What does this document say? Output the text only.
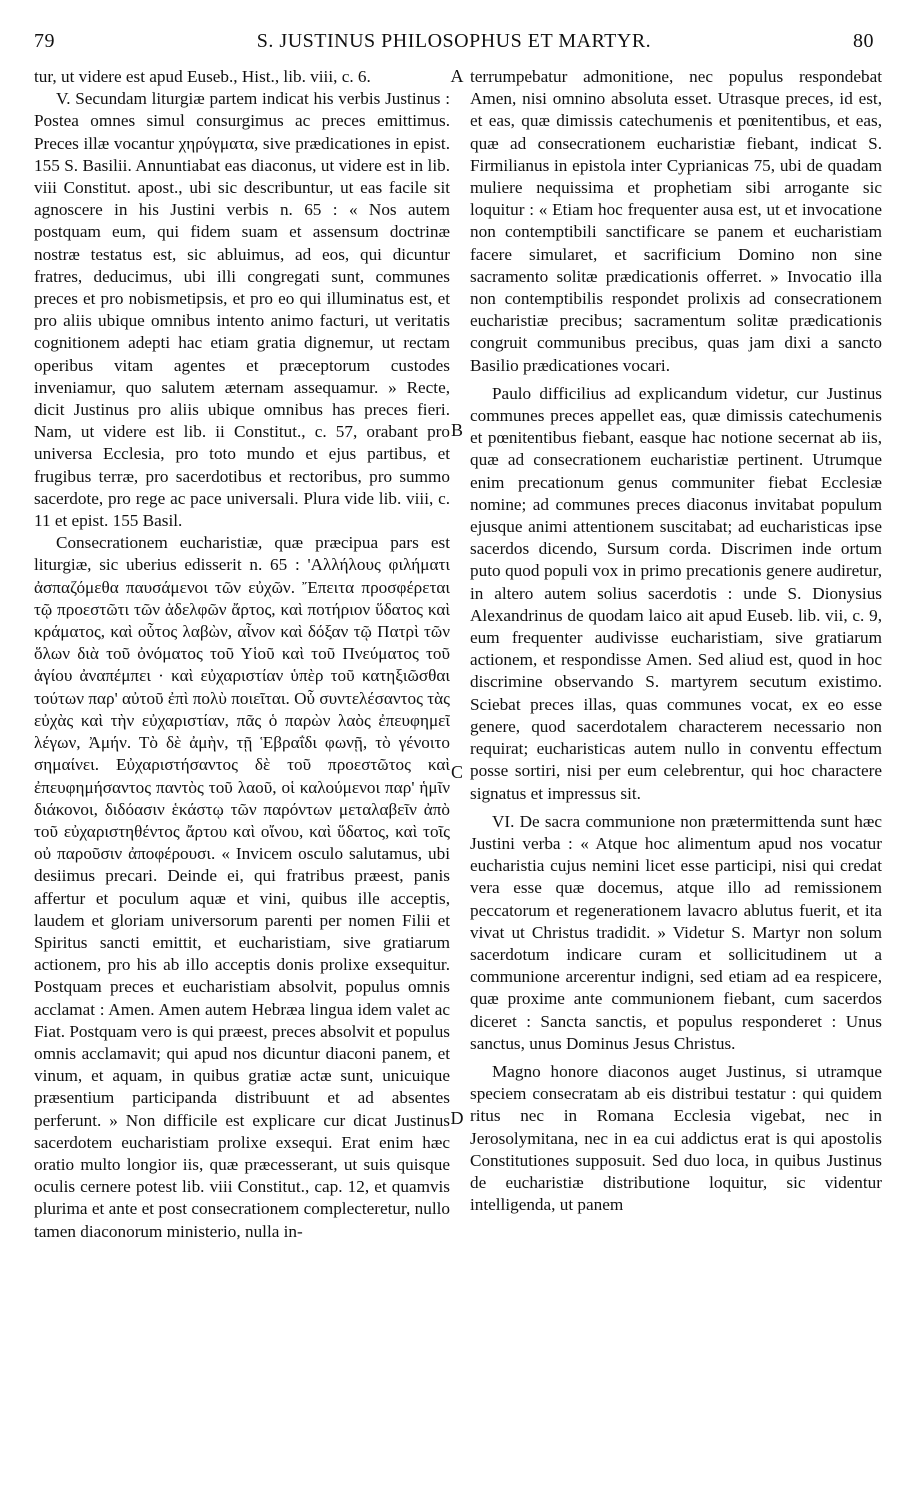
79	S. JUSTINUS PHILOSOPHUS ET MARTYR.	80

tur, ut videre est apud Euseb., Hist., lib. viii, c. 6.

V. Secundam liturgiæ partem indicat his verbis Justinus : Postea omnes simul consurgimus ac preces emittimus. Preces illæ vocantur χηρύγματα, sive prædicationes in epist. 155 S. Basilii. Annuntiabat eas diaconus, ut videre est in lib. viii Constitut. apost., ubi sic describuntur, ut eas facile sit agnoscere in his Justini verbis n. 65 : « Nos autem postquam eum, qui fidem suam et assensum doctrinæ nostræ testatus est, sic abluimus, ad eos, qui dicuntur fratres, deducimus, ubi illi congregati sunt, communes preces et pro nobismetipsis, et pro eo qui illuminatus est, et pro aliis ubique omnibus intento animo facturi, ut veritatis cognitionem adepti hac etiam gratia dignemur, ut rectam operibus vitam agentes et præceptorum custodes inveniamur, quo salutem æternam assequamur. » Recte, dicit Justinus pro aliis ubique omnibus has preces fieri. Nam, ut videre est lib. ii Constitut., c. 57, orabant pro universa Ecclesia, pro toto mundo et ejus partibus, et frugibus terræ, pro sacerdotibus et rectoribus, pro summo sacerdote, pro rege ac pace universali. Plura vide lib. viii, c. 11 et epist. 155 Basil.

Consecrationem eucharistiæ, quæ præcipua pars est liturgiæ, sic uberius edisserit n. 65 : 'Αλλήλους φιλήματι ἀσπαζόμεθα παυσάμενοι τῶν εὐχῶν. Ἔπειτα προσφέρεται τῷ προεστῶτι τῶν ἀδελφῶν ἄρτος, καὶ ποτήριον ὕδατος καὶ κράματος, καὶ οὗτος λαβὼν, αἶνον καὶ δόξαν τῷ Πατρὶ τῶν ὅλων διὰ τοῦ ὀνόματος τοῦ Υἱοῦ καὶ τοῦ Πνεύματος τοῦ ἁγίου ἀναπέμπει · καὶ εὐχαριστίαν ὑπὲρ τοῦ κατηξιῶσθαι τούτων παρ' αὐτοῦ ἐπὶ πολὺ ποιεῖται. Οὗ συντελέσαντος τὰς εὐχὰς καὶ τὴν εὐχαριστίαν, πᾶς ὁ παρὼν λαὸς ἐπευφημεῖ λέγων, Ἀμήν. Τὸ δὲ ἀμὴν, τῇ Ἑβραΐδι φωνῇ, τὸ γένοιτο σημαίνει. Εὐχαριστήσαντος δὲ τοῦ προεστῶτος καὶ ἐπευφημήσαντος παντὸς τοῦ λαοῦ, οἱ καλούμενοι παρ' ἡμῖν διάκονοι, διδόασιν ἑκάστῳ τῶν παρόντων μεταλαβεῖν ἀπὸ τοῦ εὐχαριστηθέντος ἄρτου καὶ οἴνου, καὶ ὕδατος, καὶ τοῖς οὐ παροῦσιν ἀποφέρουσι. « Invicem osculo salutamus, ubi desiimus precari. Deinde ei, qui fratribus præest, panis affertur et poculum aquæ et vini, quibus ille acceptis, laudem et gloriam universorum parenti per nomen Filii et Spiritus sancti emittit, et eucharistiam, sive gratiarum actionem, pro his ab illo acceptis donis prolixe exsequitur. Postquam preces et eucharistiam absolvit, populus omnis acclamat : Amen. Amen autem Hebræa lingua idem valet ac Fiat. Postquam vero is qui præest, preces absolvit et populus omnis acclamavit; qui apud nos dicuntur diaconi panem, et vinum, et aquam, in quibus gratiæ actæ sunt, unicuique præsentium participanda distribuunt et ad absentes perferunt. » Non difficile est explicare cur dicat Justinus sacerdotem eucharistiam prolixe exsequi. Erat enim hæc oratio multo longior iis, quæ præcesserant, ut suis quisque oculis cernere potest lib. viii Constitut., cap. 12, et quamvis plurima et ante et post consecrationem complecteretur, nullo tamen diaconorum ministerio, nulla in-

A
B
C
D

terrumpebatur admonitione, nec populus respondebat Amen, nisi omnino absoluta esset. Utrasque preces, id est, et eas, quæ dimissis catechumenis et pœnitentibus, et eas, quæ ad consecrationem eucharistiæ fiebant, indicat S. Firmilianus in epistola inter Cyprianicas 75, ubi de quadam muliere nequissima et prophetiam sibi arrogante sic loquitur : « Etiam hoc frequenter ausa est, ut et invocatione non contemptibili sanctificare se panem et eucharistiam facere simularet, et sacrificium Domino non sine sacramento solitæ prædicationis offerret. » Invocatio illa non contemptibilis respondet prolixis ad consecrationem eucharistiæ precibus; sacramentum solitæ prædicationis congruit communibus precibus, quas jam dixi a sancto Basilio prædicationes vocari.

Paulo difficilius ad explicandum videtur, cur Justinus communes preces appellet eas, quæ dimissis catechumenis et pœnitentibus fiebant, easque hac notione secernat ab iis, quæ ad consecrationem eucharistiæ pertinent. Utrumque enim precationum genus communiter fiebat Ecclesiæ nomine; ad communes preces diaconus invitabat populum ejusque animi attentionem suscitabat; ad eucharisticas ipse sacerdos dicendo, Sursum corda. Discrimen inde ortum puto quod populi vox in primo precationis genere audiretur, in altero autem solius sacerdotis : unde S. Dionysius Alexandrinus de quodam laico ait apud Euseb. lib. vii, c. 9, eum frequenter audivisse eucharistiam, sive gratiarum actionem, et respondisse Amen. Sed aliud est, quod in hoc discrimine observando S. martyrem secutum existimo. Sciebat preces illas, quas communes vocat, ex eo esse genere, quod sacerdotalem characterem necessario non requirat; eucharisticas autem nullo in conventu effectum posse sortiri, nisi per eum celebrentur, qui hoc charactere signatus et impressus sit.

VI. De sacra communione non prætermittenda sunt hæc Justini verba : « Atque hoc alimentum apud nos vocatur eucharistia cujus nemini licet esse participi, nisi qui credat vera esse quæ docemus, atque illo ad remissionem peccatorum et regenerationem lavacro ablutus fuerit, et ita vivat ut Christus tradidit. » Videtur S. Martyr non solum sacerdotum indicare curam et sollicitudinem ut a communione arcerentur indigni, sed etiam ad ea respicere, quæ proxime ante communionem fiebant, cum sacerdos diceret : Sancta sanctis, et populus responderet : Unus sanctus, unus Dominus Jesus Christus.

Magno honore diaconos auget Justinus, si utramque speciem consecratam ab eis distribui testatur : qui quidem ritus nec in Romana Ecclesia vigebat, nec in Jerosolymitana, nec in ea cui addictus erat is qui apostolis Constitutiones supposuit. Sed duo loca, in quibus Justinus de eucharistiæ distributione loquitur, sic videntur intelligenda, ut panem
